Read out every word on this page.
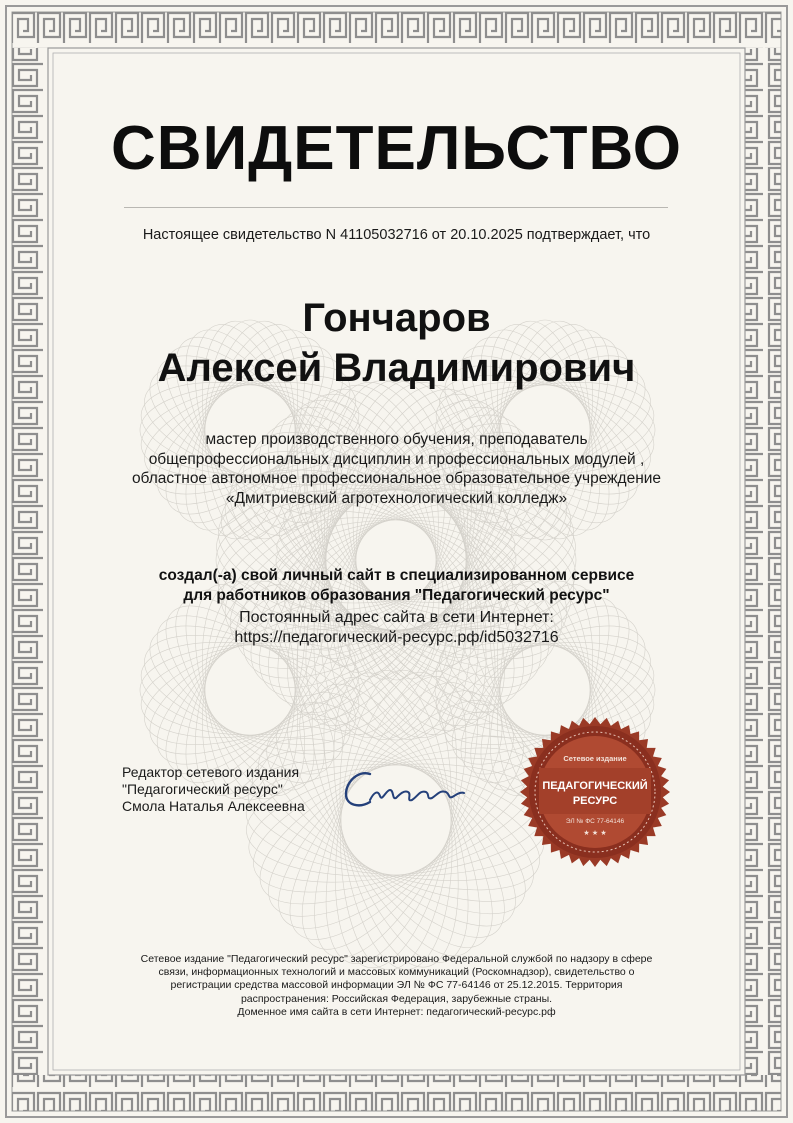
СВИДЕТЕЛЬСТВО
Настоящее свидетельство N 41105032716 от 20.10.2025 подтверждает, что
Гончаров
Алексей Владимирович
мастер производственного обучения, преподаватель
общепрофессиональных дисциплин и профессиональных модулей ,
областное автономное профессиональное образовательное учреждение
«Дмитриевский агротехнологический колледж»
создал(-а) свой личный сайт в специализированном сервисе
для работников образования "Педагогический ресурс"
Постоянный адрес сайта в сети Интернет:
https://педагогический-ресурс.рф/id5032716
Редактор сетевого издания
"Педагогический ресурс"
Смола Наталья Алексеевна
Сетевое издание
ПЕДАГОГИЧЕСКИЙ
РЕСУРС
ЭЛ № ФС 77-64146
★ ★ ★
Сетевое издание "Педагогический ресурс" зарегистрировано Федеральной службой по надзору в сфере
связи, информационных технологий и массовых коммуникаций (Роскомнадзор), свидетельство о
регистрации средства массовой информации ЭЛ № ФС 77-64146 от 25.12.2015. Территория
распространения: Российская Федерация, зарубежные страны.
Доменное имя сайта в сети Интернет: педагогический-ресурс.рф
